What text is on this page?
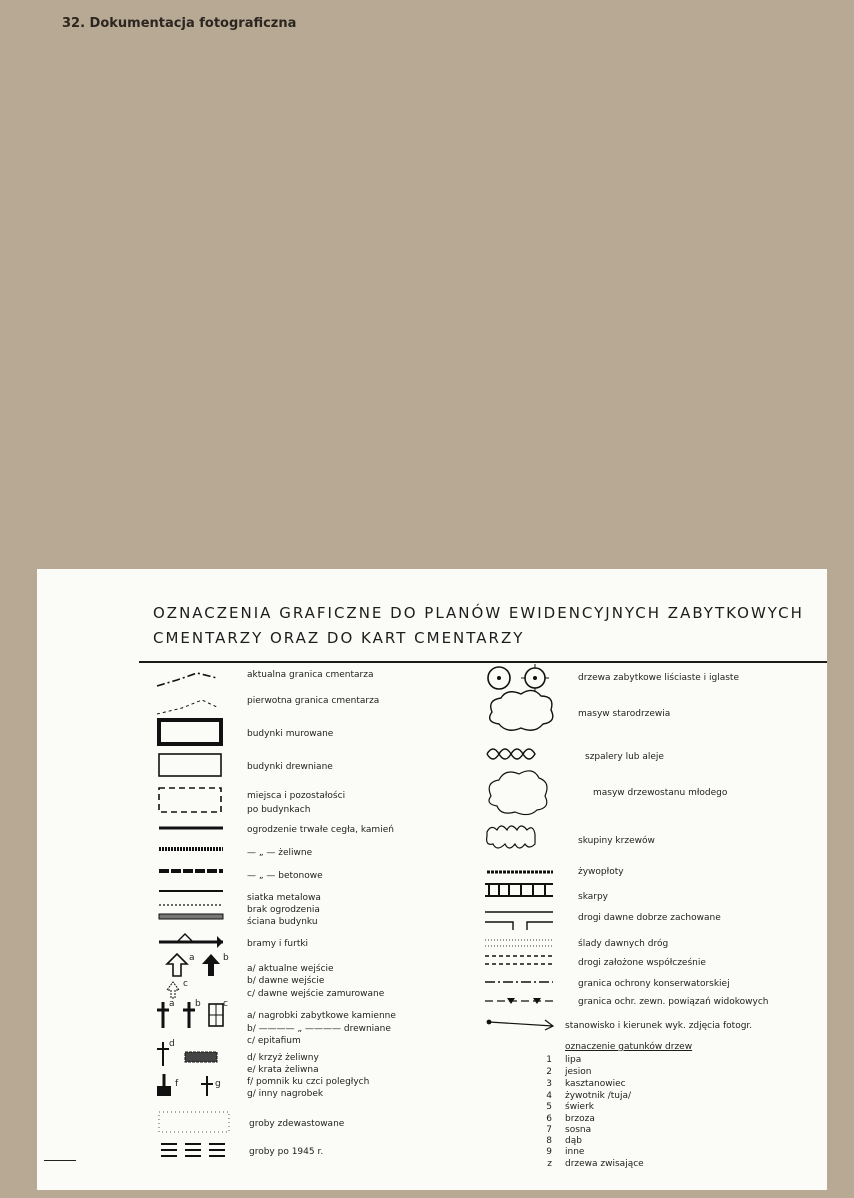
32. Dokumentacja fotograficzna
OZNACZENIA GRAFICZNE DO PLANÓW EWIDENCYJNYCH ZABYTKOWYCH
CMENTARZY ORAZ DO KART CMENTARZY
a	b
c
a b c
d
f	g
aktualna granica cmentarza
pierwotna granica cmentarza
budynki murowane
budynki drewniane
miejsca i pozostałości
po budynkach
ogrodzenie trwałe cegła, kamień
— „ — żeliwne
— „ — betonowe
siatka metalowa
brak ogrodzenia
ściana budynku
bramy i furtki
a/ aktualne wejście
b/ dawne wejście
c/ dawne wejście zamurowane
a/ nagrobki zabytkowe kamienne
b/ ———— „ ———— drewniane
c/ epitafium
d/ krzyż żeliwny
e/ krata żeliwna
f/ pomnik ku czci poległych
g/ inny nagrobek
groby zdewastowane
groby po 1945 r.
drzewa zabytkowe liściaste i iglaste
masyw starodrzewia
szpalery lub aleje
masyw drzewostanu młodego
skupiny krzewów
żywopłoty
skarpy
drogi dawne dobrze zachowane
ślady dawnych dróg
drogi założone współcześnie
granica ochrony konserwatorskiej
granica ochr. zewn. powiązań widokowych
stanowisko i kierunek wyk. zdjęcia fotogr.
oznaczenie gatunków drzew
1 lipa
2 jesion
3 kasztanowiec
4 żywotnik /tuja/
5 świerk
6 brzoza
7 sosna
8 dąb
9 inne
z drzewa zwisające
